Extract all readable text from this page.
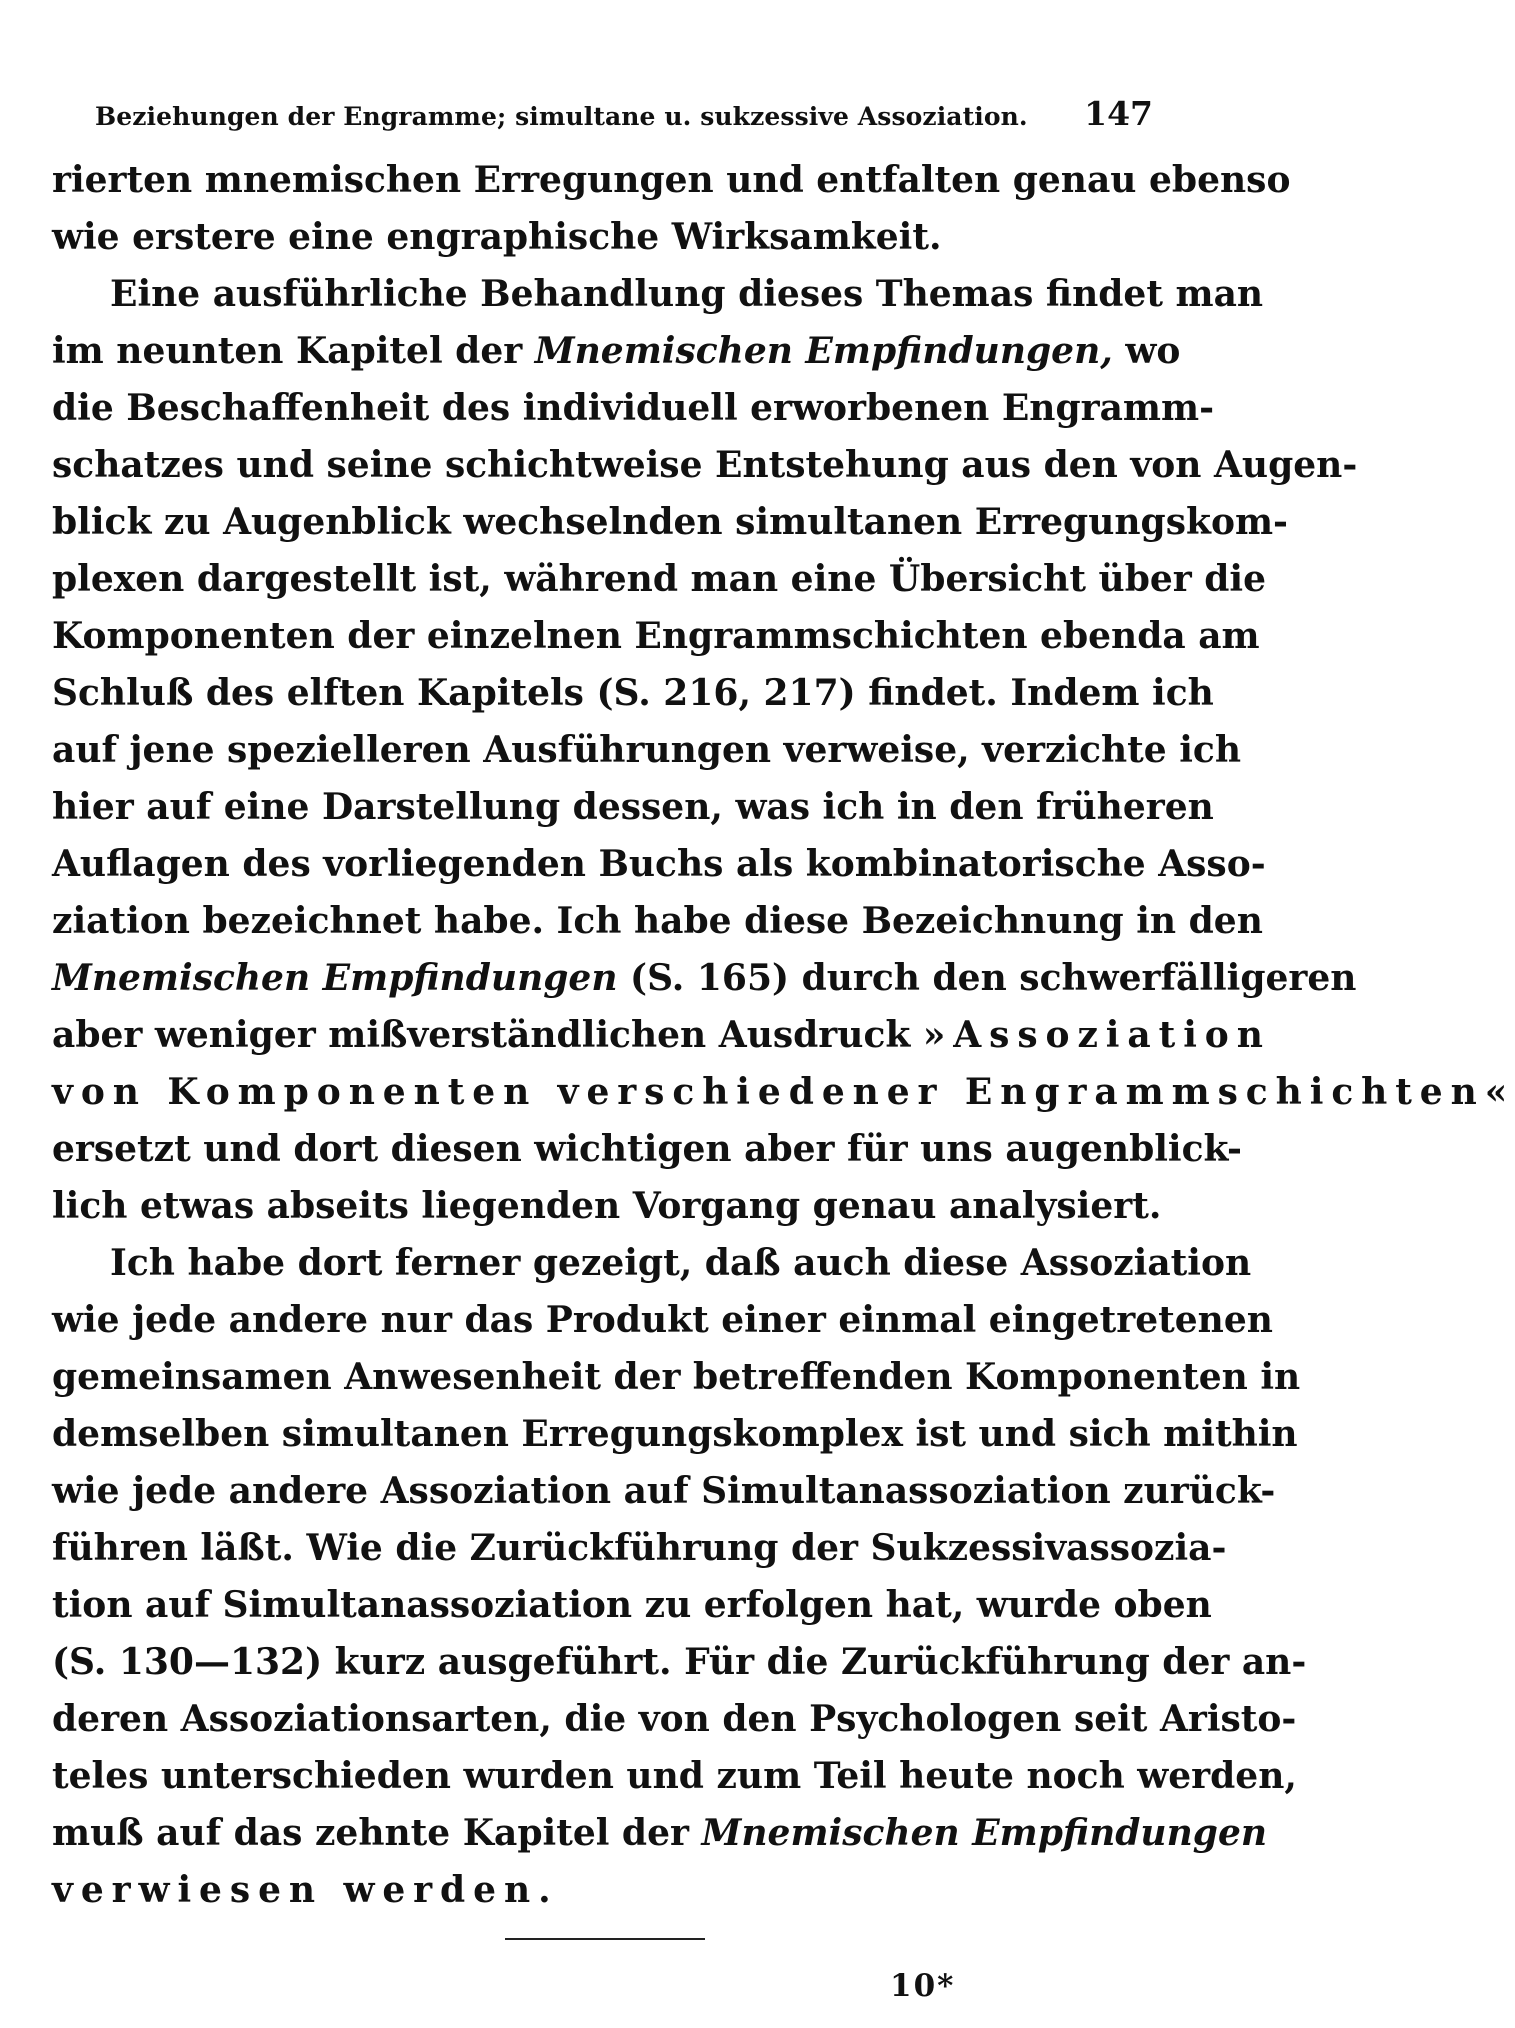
Beziehungen der Engramme; simultane u. sukzessive Assoziation. 147
rierten mnemischen Erregungen und entfalten genau ebenso
wie erstere eine engraphische Wirksamkeit.
Eine ausführliche Behandlung dieses Themas findet man
im neunten Kapitel der Mnemischen Empfindungen, wo
die Beschaffenheit des individuell erworbenen Engramm-
schatzes und seine schichtweise Entstehung aus den von Augen-
blick zu Augenblick wechselnden simultanen Erregungskom-
plexen dargestellt ist, während man eine Übersicht über die
Komponenten der einzelnen Engrammschichten ebenda am
Schluß des elften Kapitels (S. 216, 217) findet. Indem ich
auf jene spezielleren Ausführungen verweise, verzichte ich
hier auf eine Darstellung dessen, was ich in den früheren
Auflagen des vorliegenden Buchs als kombinatorische Asso-
ziation bezeichnet habe. Ich habe diese Bezeichnung in den
Mnemischen Empfindungen (S. 165) durch den schwerfälligeren
aber weniger mißverständlichen Ausdruck »Assoziation
von Komponenten verschiedener Engrammschichten«
ersetzt und dort diesen wichtigen aber für uns augenblick-
lich etwas abseits liegenden Vorgang genau analysiert.
Ich habe dort ferner gezeigt, daß auch diese Assoziation
wie jede andere nur das Produkt einer einmal eingetretenen
gemeinsamen Anwesenheit der betreffenden Komponenten in
demselben simultanen Erregungskomplex ist und sich mithin
wie jede andere Assoziation auf Simultanassoziation zurück-
führen läßt. Wie die Zurückführung der Sukzessivassozia-
tion auf Simultanassoziation zu erfolgen hat, wurde oben
(S. 130—132) kurz ausgeführt. Für die Zurückführung der an-
deren Assoziationsarten, die von den Psychologen seit Aristo-
teles unterschieden wurden und zum Teil heute noch werden,
muß auf das zehnte Kapitel der Mnemischen Empfindungen
verwiesen werden.
10*
